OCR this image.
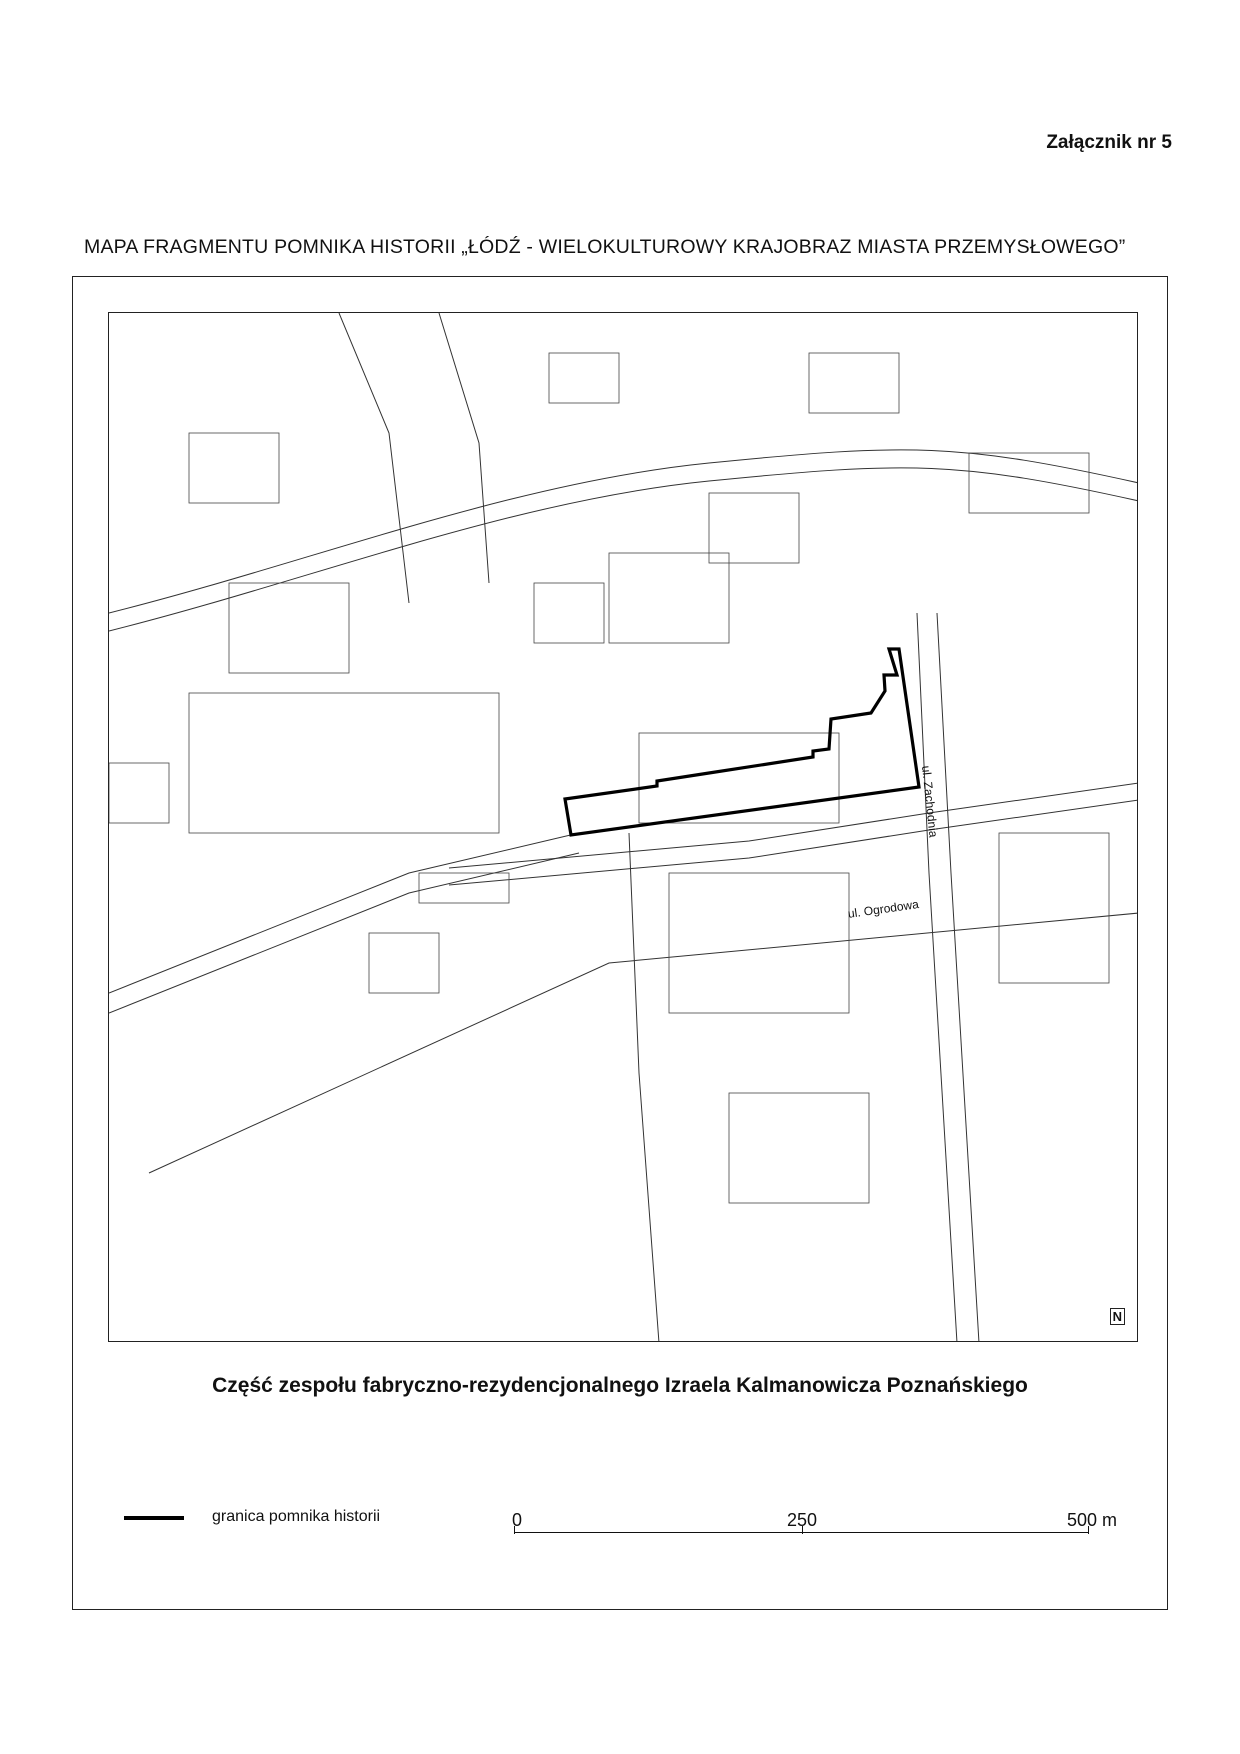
Załącznik nr 5
MAPA FRAGMENTU POMNIKA HISTORII „ŁÓDŹ - WIELOKULTUROWY KRAJOBRAZ MIASTA PRZEMYSŁOWEGO”
ul. Ogrodowa
ul. Zachodnia
N
Część zespołu fabryczno-rezydencjonalnego Izraela Kalmanowicza Poznańskiego
granica pomnika historii	0	250	500 m
